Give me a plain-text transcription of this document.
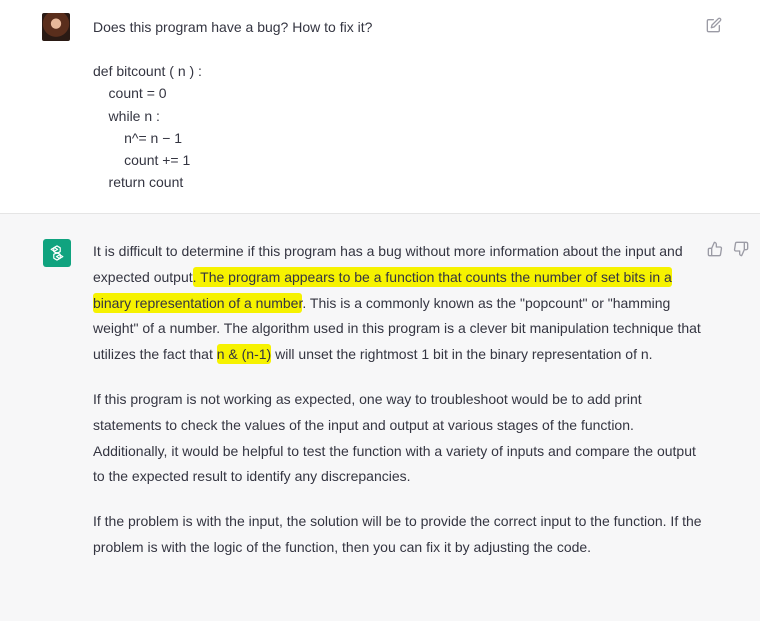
Does this program have a bug? How to fix it?

def bitcount ( n ) :

count = 0

while n :

n^= n − 1

count += 1

return count

It is difficult to determine if this program has a bug without more information about the input and expected output. The program appears to be a function that counts the number of set bits in a binary representation of a number. This is a commonly known as the "popcount" or "hamming weight" of a number. The algorithm used in this program is a clever bit manipulation technique that utilizes the fact that n & (n-1) will unset the rightmost 1 bit in the binary representation of n.

If this program is not working as expected, one way to troubleshoot would be to add print statements to check the values of the input and output at various stages of the function. Additionally, it would be helpful to test the function with a variety of inputs and compare the output to the expected result to identify any discrepancies.

If the problem is with the input, the solution will be to provide the correct input to the function. If the problem is with the logic of the function, then you can fix it by adjusting the code.
